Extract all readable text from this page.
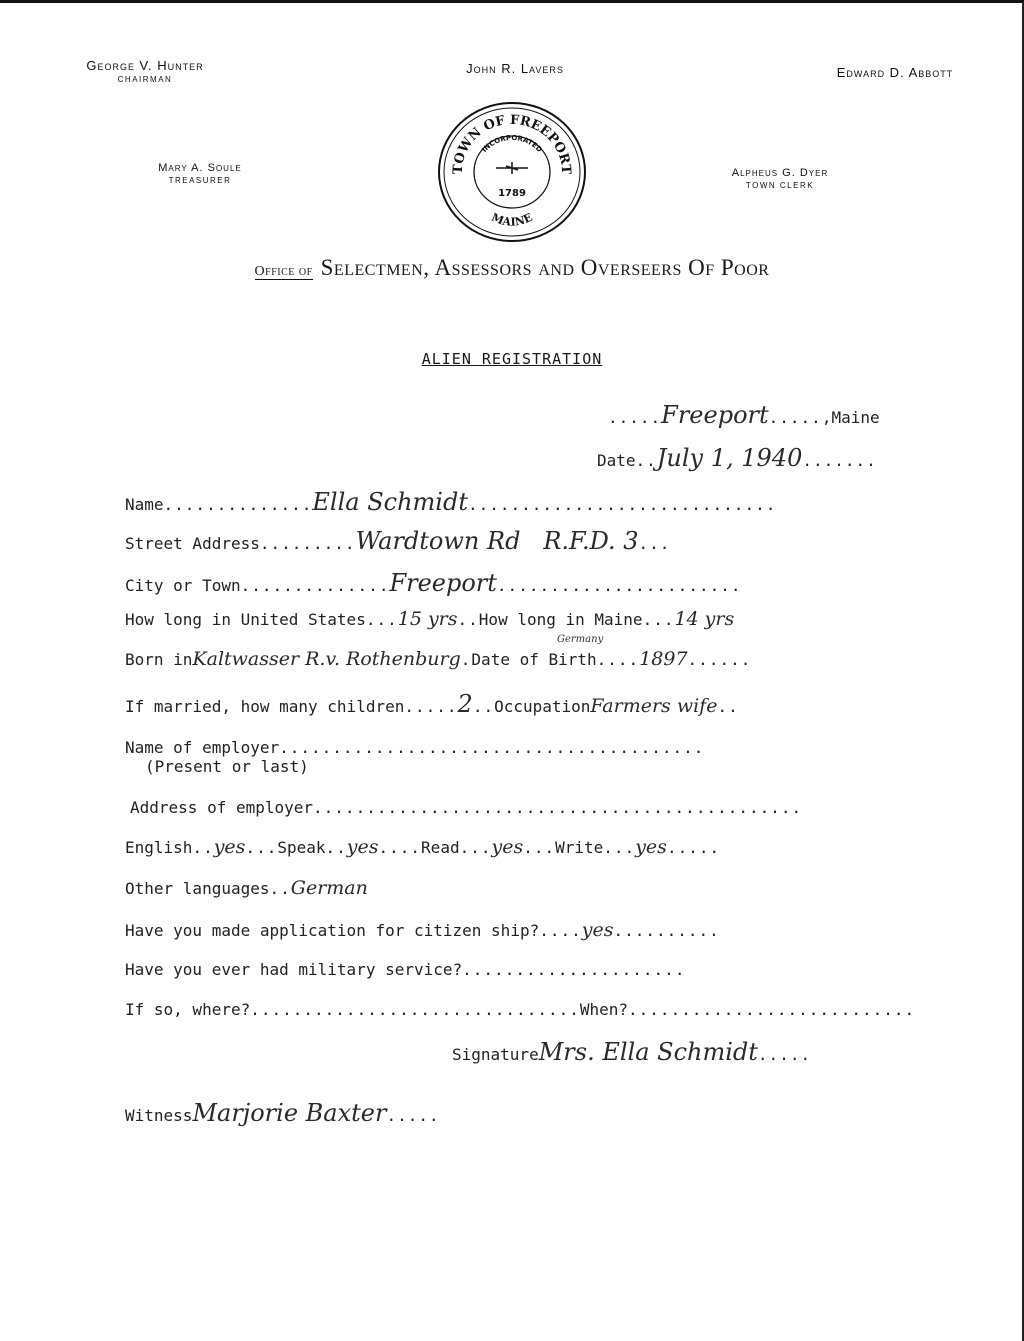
George V. Hunter
CHAIRMAN
John R. Lavers	Edward D. Abbott
Mary A. Soule
TREASURER
Alpheus G. Dyer
TOWN CLERK
TOWN OF FREEPORT
INCORPORATED
1789
MAINE
Office of Selectmen, Assessors and Overseers Of Poor
ALIEN REGISTRATION
.....Freeport.....,Maine
Date..July 1, 1940.......
Name..............Ella Schmidt.............................
Street Address.........Wardtown Rd   R.F.D. 3...
City or Town..............Freeport.......................
How long in United States...15 yrs..How long in Maine...14 yrs
Germany
Born inKaltwasser R.v. Rothenburg.Date of Birth....1897......
If married, how many children.....2..OccupationFarmers wife..
Name of employer........................................
(Present or last)
Address of employer..............................................
English..yes...Speak..yes....Read...yes...Write...yes.....
Other languages..German
Have you made application for citizen ship?....yes..........
Have you ever had military service?.....................
If so, where?...............................When?...........................
SignatureMrs. Ella Schmidt.....
WitnessMarjorie Baxter.....
